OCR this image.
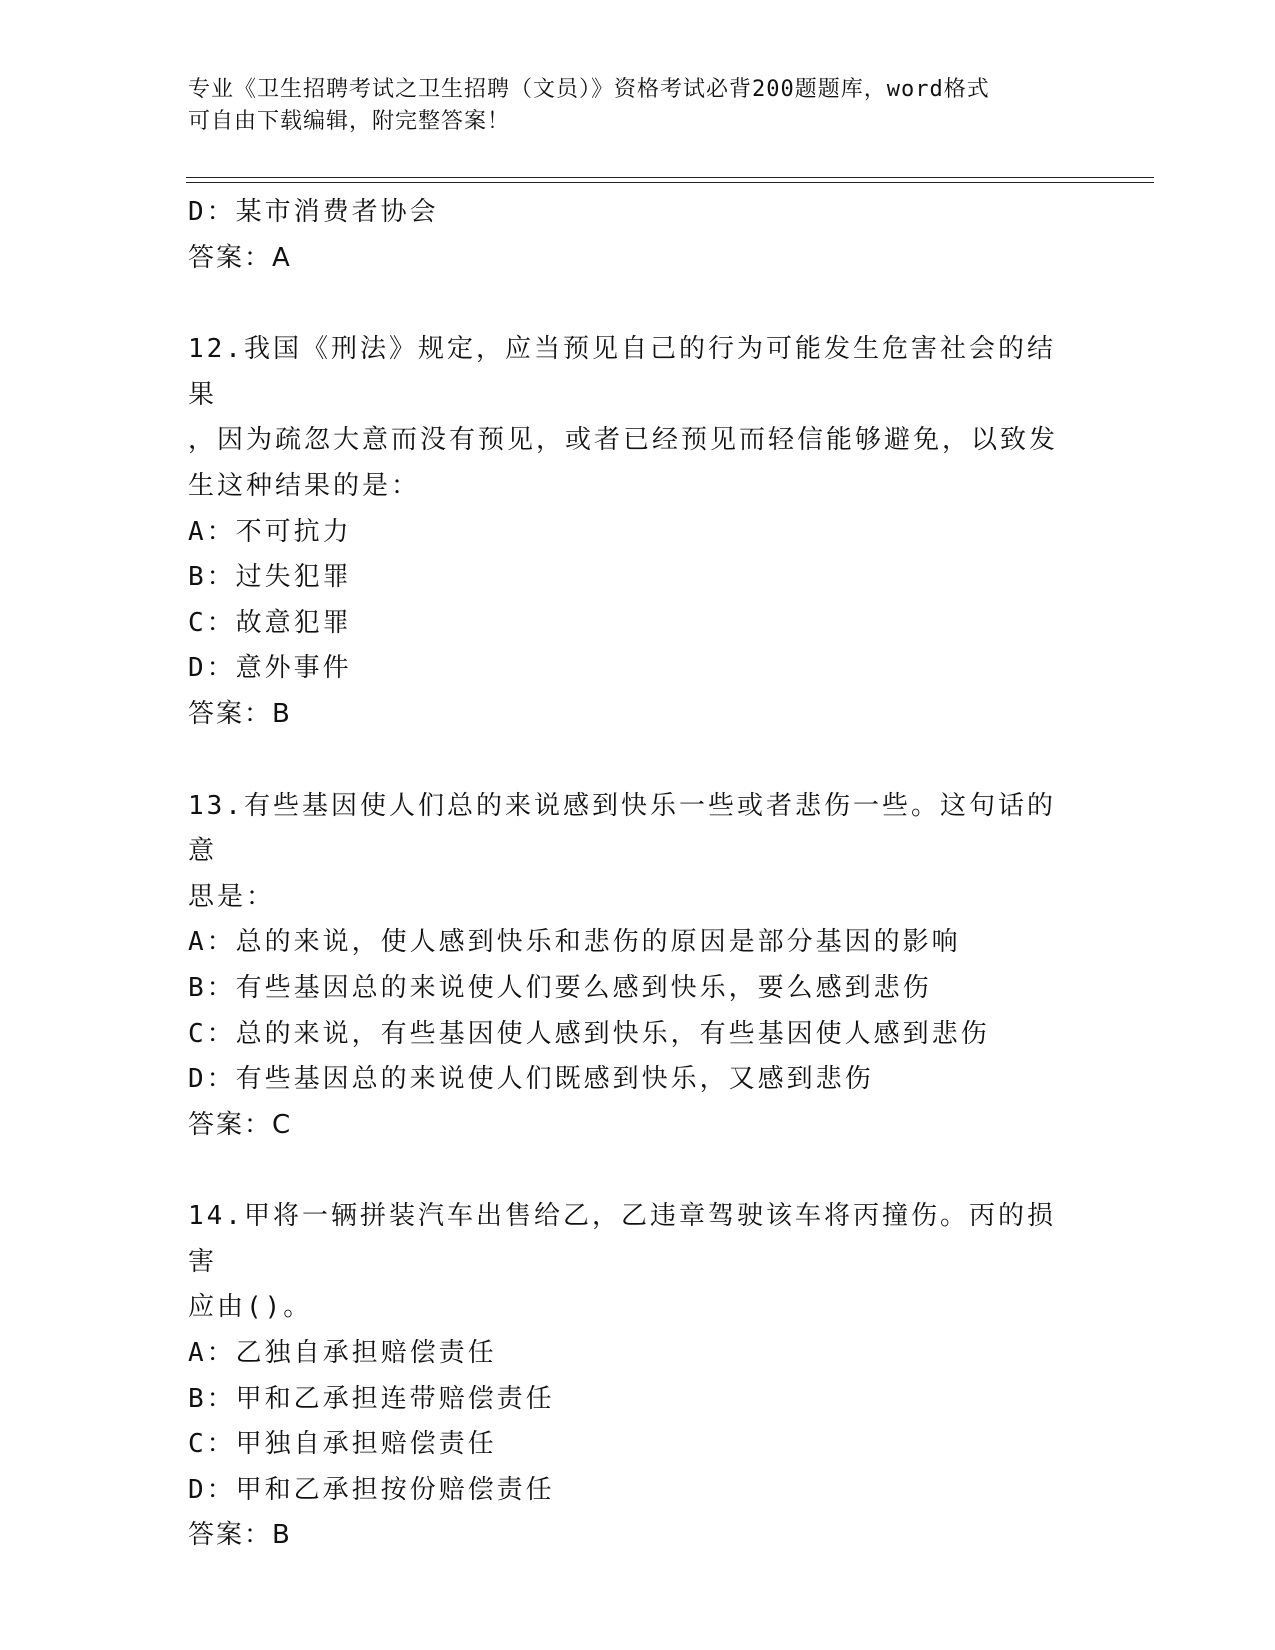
专业《卫生招聘考试之卫生招聘（文员）》资格考试必背200题题库，word格式
可自由下载编辑，附完整答案！
D：某市消费者协会
答案：A
12.我国《刑法》规定，应当预见自己的行为可能发生危害社会的结果
，因为疏忽大意而没有预见，或者已经预见而轻信能够避免，以致发
生这种结果的是：
A：不可抗力
B：过失犯罪
C：故意犯罪
D：意外事件
答案：B
13.有些基因使人们总的来说感到快乐一些或者悲伤一些。这句话的意
思是：
A：总的来说，使人感到快乐和悲伤的原因是部分基因的影响
B：有些基因总的来说使人们要么感到快乐，要么感到悲伤
C：总的来说，有些基因使人感到快乐，有些基因使人感到悲伤
D：有些基因总的来说使人们既感到快乐，又感到悲伤
答案：C
14.甲将一辆拼装汽车出售给乙，乙违章驾驶该车将丙撞伤。丙的损害
应由()。
A：乙独自承担赔偿责任
B：甲和乙承担连带赔偿责任
C：甲独自承担赔偿责任
D：甲和乙承担按份赔偿责任
答案：B
